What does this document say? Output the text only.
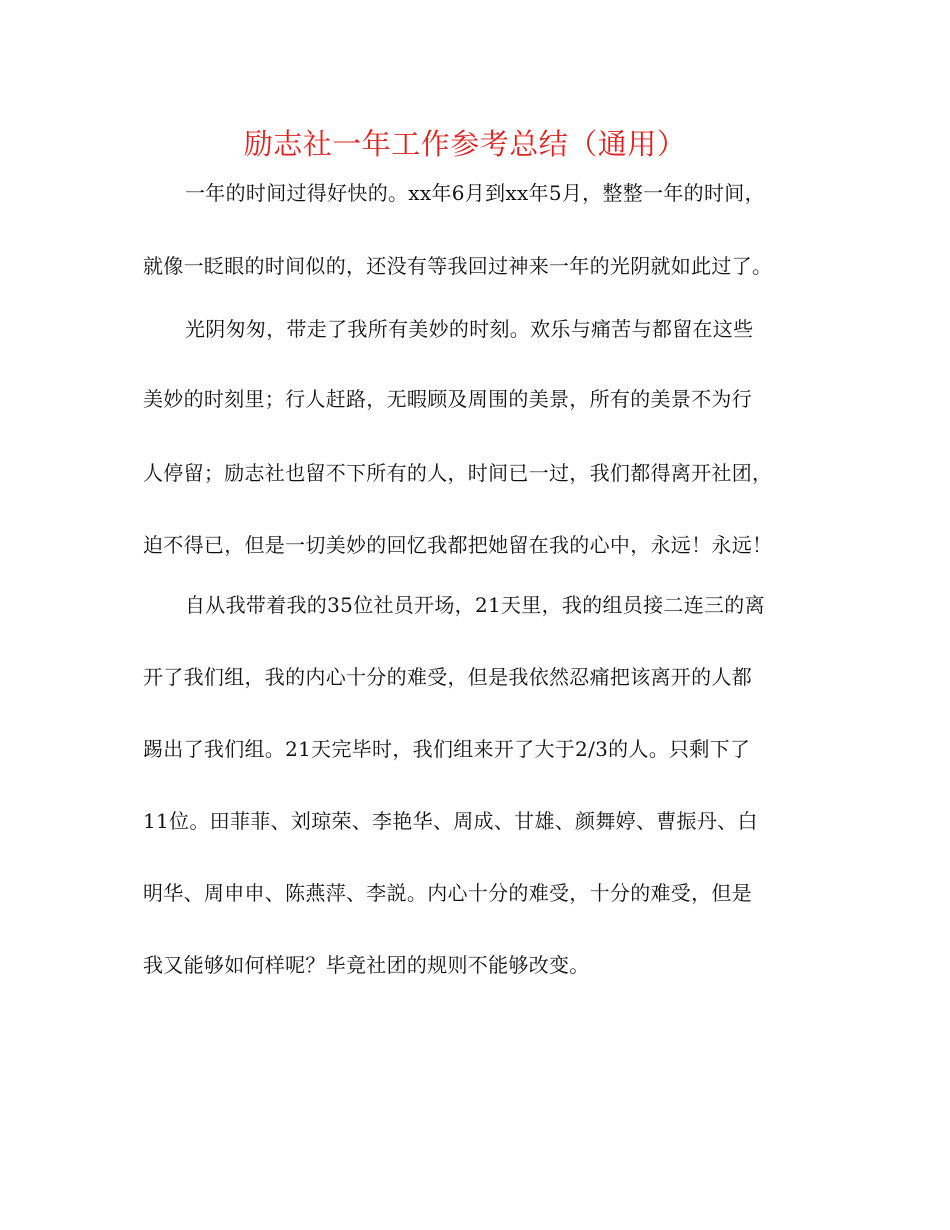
励志社一年工作参考总结（通用）
一年的时间过得好快的。xx年6月到xx年5月，整整一年的时间，
就像一眨眼的时间似的，还没有等我回过神来一年的光阴就如此过了。
光阴匆匆，带走了我所有美妙的时刻。欢乐与痛苦与都留在这些
美妙的时刻里；行人赶路，无暇顾及周围的美景，所有的美景不为行
人停留；励志社也留不下所有的人，时间已一过，我们都得离开社团，
迫不得已，但是一切美妙的回忆我都把她留在我的心中，永远！永远！
自从我带着我的35位社员开场，21天里，我的组员接二连三的离
开了我们组，我的内心十分的难受，但是我依然忍痛把该离开的人都
踢出了我们组。21天完毕时，我们组来开了大于2/3的人。只剩下了
11位。田菲菲、刘琼荣、李艳华、周成、甘雄、颜舞婷、曹振丹、白
明华、周申申、陈燕萍、李説。内心十分的难受，十分的难受，但是
我又能够如何样呢？毕竟社团的规则不能够改变。
